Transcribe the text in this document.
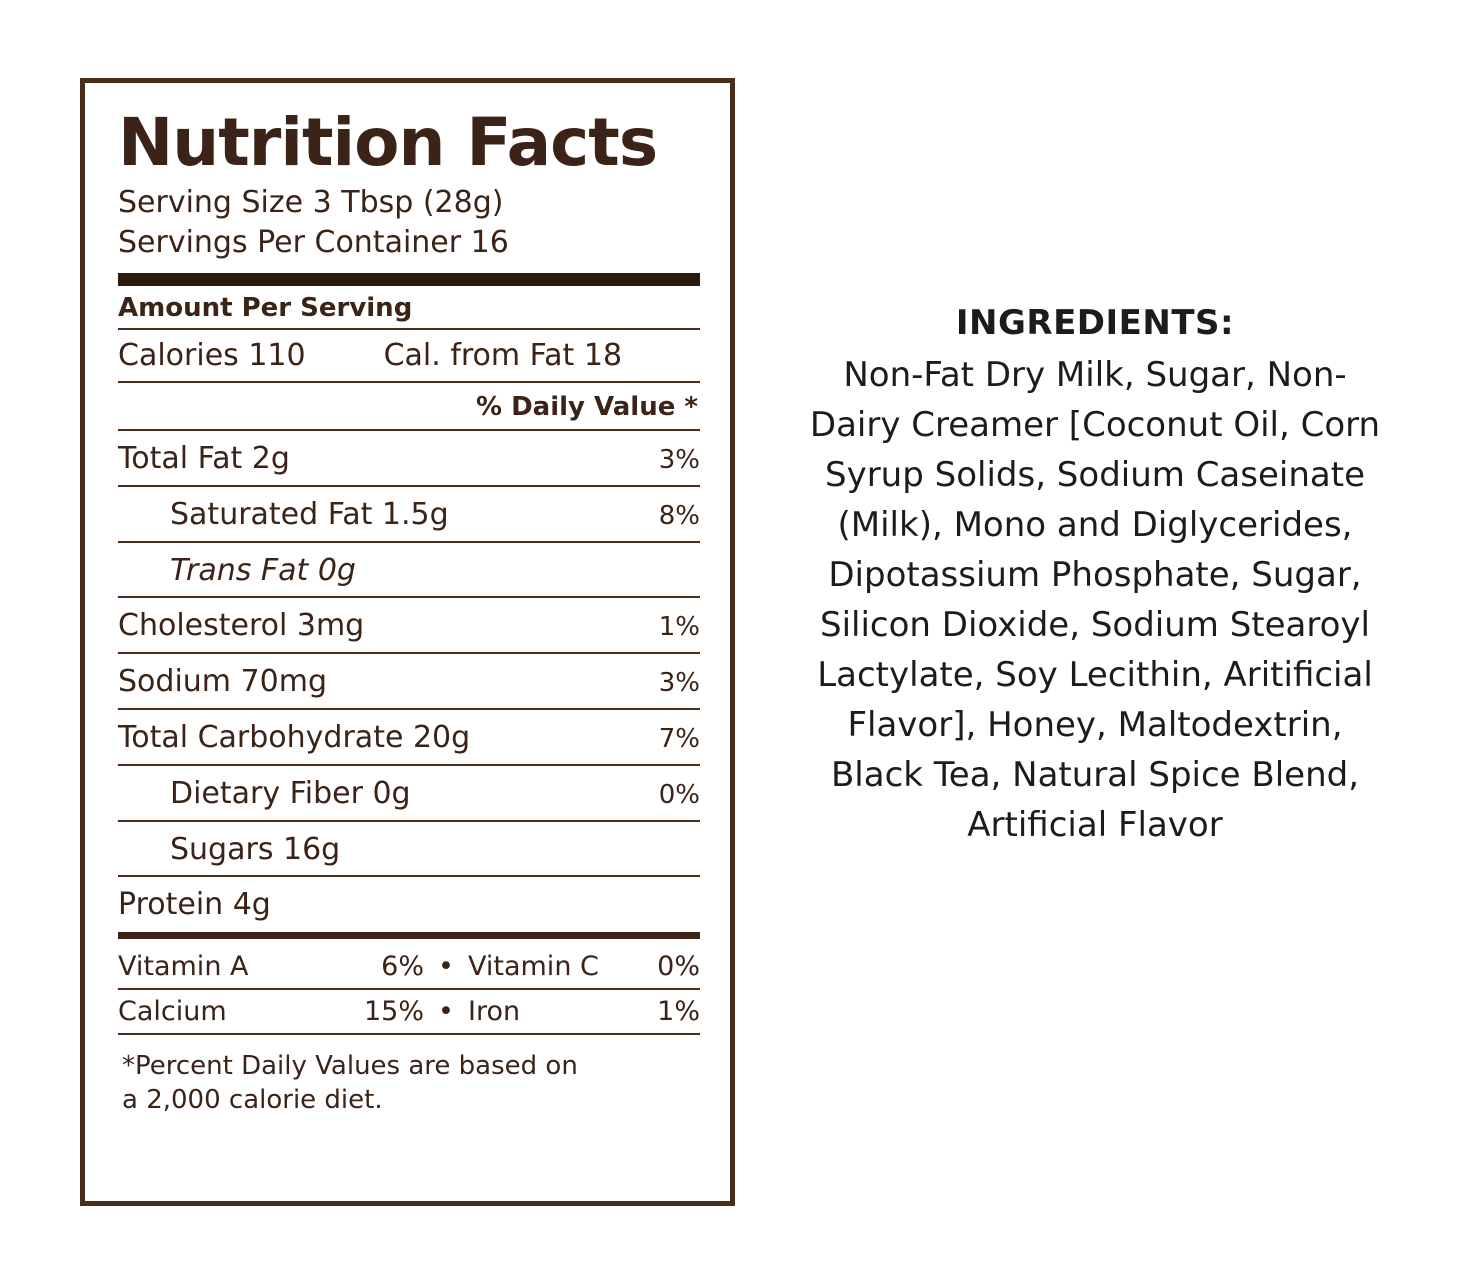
Nutrition Facts
Serving Size 3 Tbsp (28g)
Servings Per Container 16
Amount Per Serving
Calories 110	Cal. from Fat 18
% Daily Value *
Total Fat 2g	3%
Saturated Fat 1.5g	8%
Trans Fat 0g
Cholesterol 3mg	1%
Sodium 70mg	3%
Total Carbohydrate 20g	7%
Dietary Fiber 0g	0%
Sugars 16g
Protein 4g
Vitamin A	6% • Vitamin C	0%
Calcium	15% • Iron	1%
*Percent Daily Values are based on
a 2,000 calorie diet.
INGREDIENTS:
Non-Fat Dry Milk, Sugar, Non-Dairy Creamer [Coconut Oil, Corn Syrup Solids, Sodium Caseinate (Milk), Mono and Diglycerides, Dipotassium Phosphate, Sugar, Silicon Dioxide, Sodium Stearoyl Lactylate, Soy Lecithin, Aritificial Flavor], Honey, Maltodextrin, Black Tea, Natural Spice Blend, Artificial Flavor
